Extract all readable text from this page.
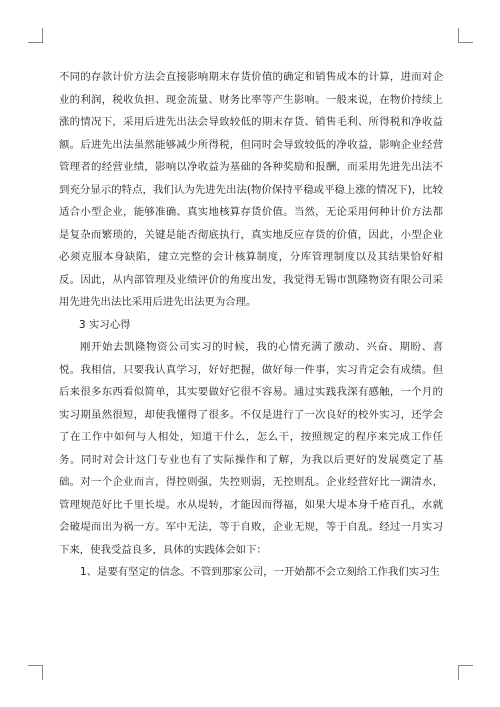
不同的存款计价方法会直接影响期末存货价值的确定和销售成本的计算，进而对企业的利润，税收负担、现金流量、财务比率等产生影响。一般来说，在物价持续上涨的情况下，采用后进先出法会导致较低的期末存货、销售毛利、所得税和净收益额。后进先出法虽然能够减少所得税，但同时会导致较低的净收益，影响企业经营管理者的经营业绩，影响以净收益为基础的各种奖励和报酬，而采用先进先出法不到充分显示的特点，我们认为先进先出法(物价保持平稳或平稳上涨的情况下)，比较适合小型企业，能够准确、真实地核算存货价值。当然，无论采用何种计价方法都是复杂而繁琐的，关键是能否彻底执行，真实地反应存货的价值，因此，小型企业必须克服本身缺陷，建立完整的会计核算制度，分库管理制度以及其结果恰好相反。因此，从内部管理及业绩评价的角度出发，我觉得无锡市凯隆物资有限公司采用先进先出法比采用后进先出法更为合理。

3 实习心得

刚开始去凯隆物资公司实习的时候，我的心情充满了激动、兴奋、期盼、喜悦。我相信，只要我认真学习，好好把握，做好每一件事，实习肯定会有成绩。但后来很多东西看似简单，其实要做好它很不容易。通过实践我深有感触，一个月的实习期虽然很短，却使我懂得了很多。不仅是进行了一次良好的校外实习，还学会了在工作中如何与人相处，知道干什么，怎么干，按照规定的程序来完成工作任务。同时对会计这门专业也有了实际操作和了解，为我以后更好的发展奠定了基础。对一个企业而言，得控则强，失控则弱，无控则乱。企业经营好比一湖清水，管理规范好比千里长堤。水从堤转，才能因而得福，如果大堤本身千疮百孔，水就会破堤而出为祸一方。军中无法，等于自败，企业无规，等于自乱。经过一月实习下来，使我受益良多，具体的实践体会如下：

1、是要有坚定的信念。不管到那家公司，一开始都不会立刻给工作我们实习生
